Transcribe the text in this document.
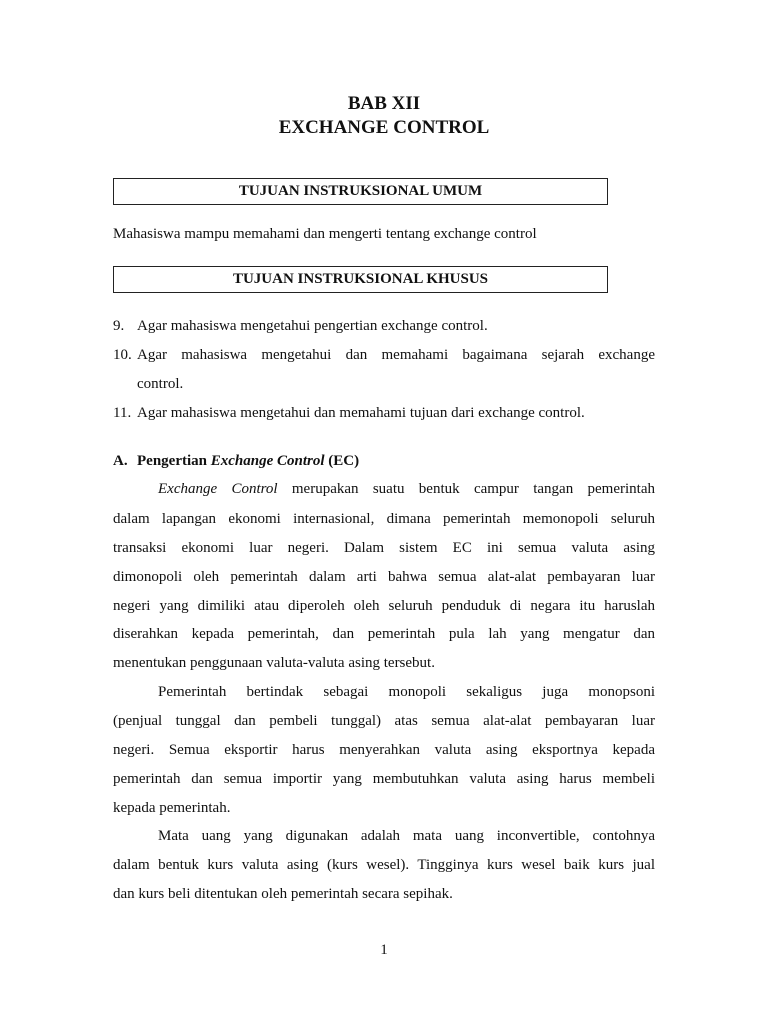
BAB XII
EXCHANGE CONTROL
TUJUAN INSTRUKSIONAL UMUM
Mahasiswa mampu memahami dan mengerti tentang exchange control
TUJUAN INSTRUKSIONAL KHUSUS
9. Agar mahasiswa mengetahui pengertian exchange control.
10. Agar mahasiswa mengetahui dan memahami bagaimana sejarah exchange
control.
11. Agar mahasiswa mengetahui dan memahami tujuan dari exchange control.
A. Pengertian Exchange Control (EC)
Exchange Control merupakan suatu bentuk campur tangan pemerintah
dalam lapangan ekonomi internasional, dimana pemerintah memonopoli seluruh
transaksi ekonomi luar negeri. Dalam sistem EC ini semua valuta asing
dimonopoli oleh pemerintah dalam arti bahwa semua alat-alat pembayaran luar
negeri yang dimiliki atau diperoleh oleh seluruh penduduk di negara itu haruslah
diserahkan kepada pemerintah, dan pemerintah pula lah yang mengatur dan
menentukan penggunaan valuta-valuta asing tersebut.
Pemerintah bertindak sebagai monopoli sekaligus juga monopsoni
(penjual tunggal dan pembeli tunggal) atas semua alat-alat pembayaran luar
negeri. Semua eksportir harus menyerahkan valuta asing eksportnya kepada
pemerintah dan semua importir yang membutuhkan valuta asing harus membeli
kepada pemerintah.
Mata uang yang digunakan adalah mata uang inconvertible, contohnya
dalam bentuk kurs valuta asing (kurs wesel). Tingginya kurs wesel baik kurs jual
dan kurs beli ditentukan oleh pemerintah secara sepihak.
1
